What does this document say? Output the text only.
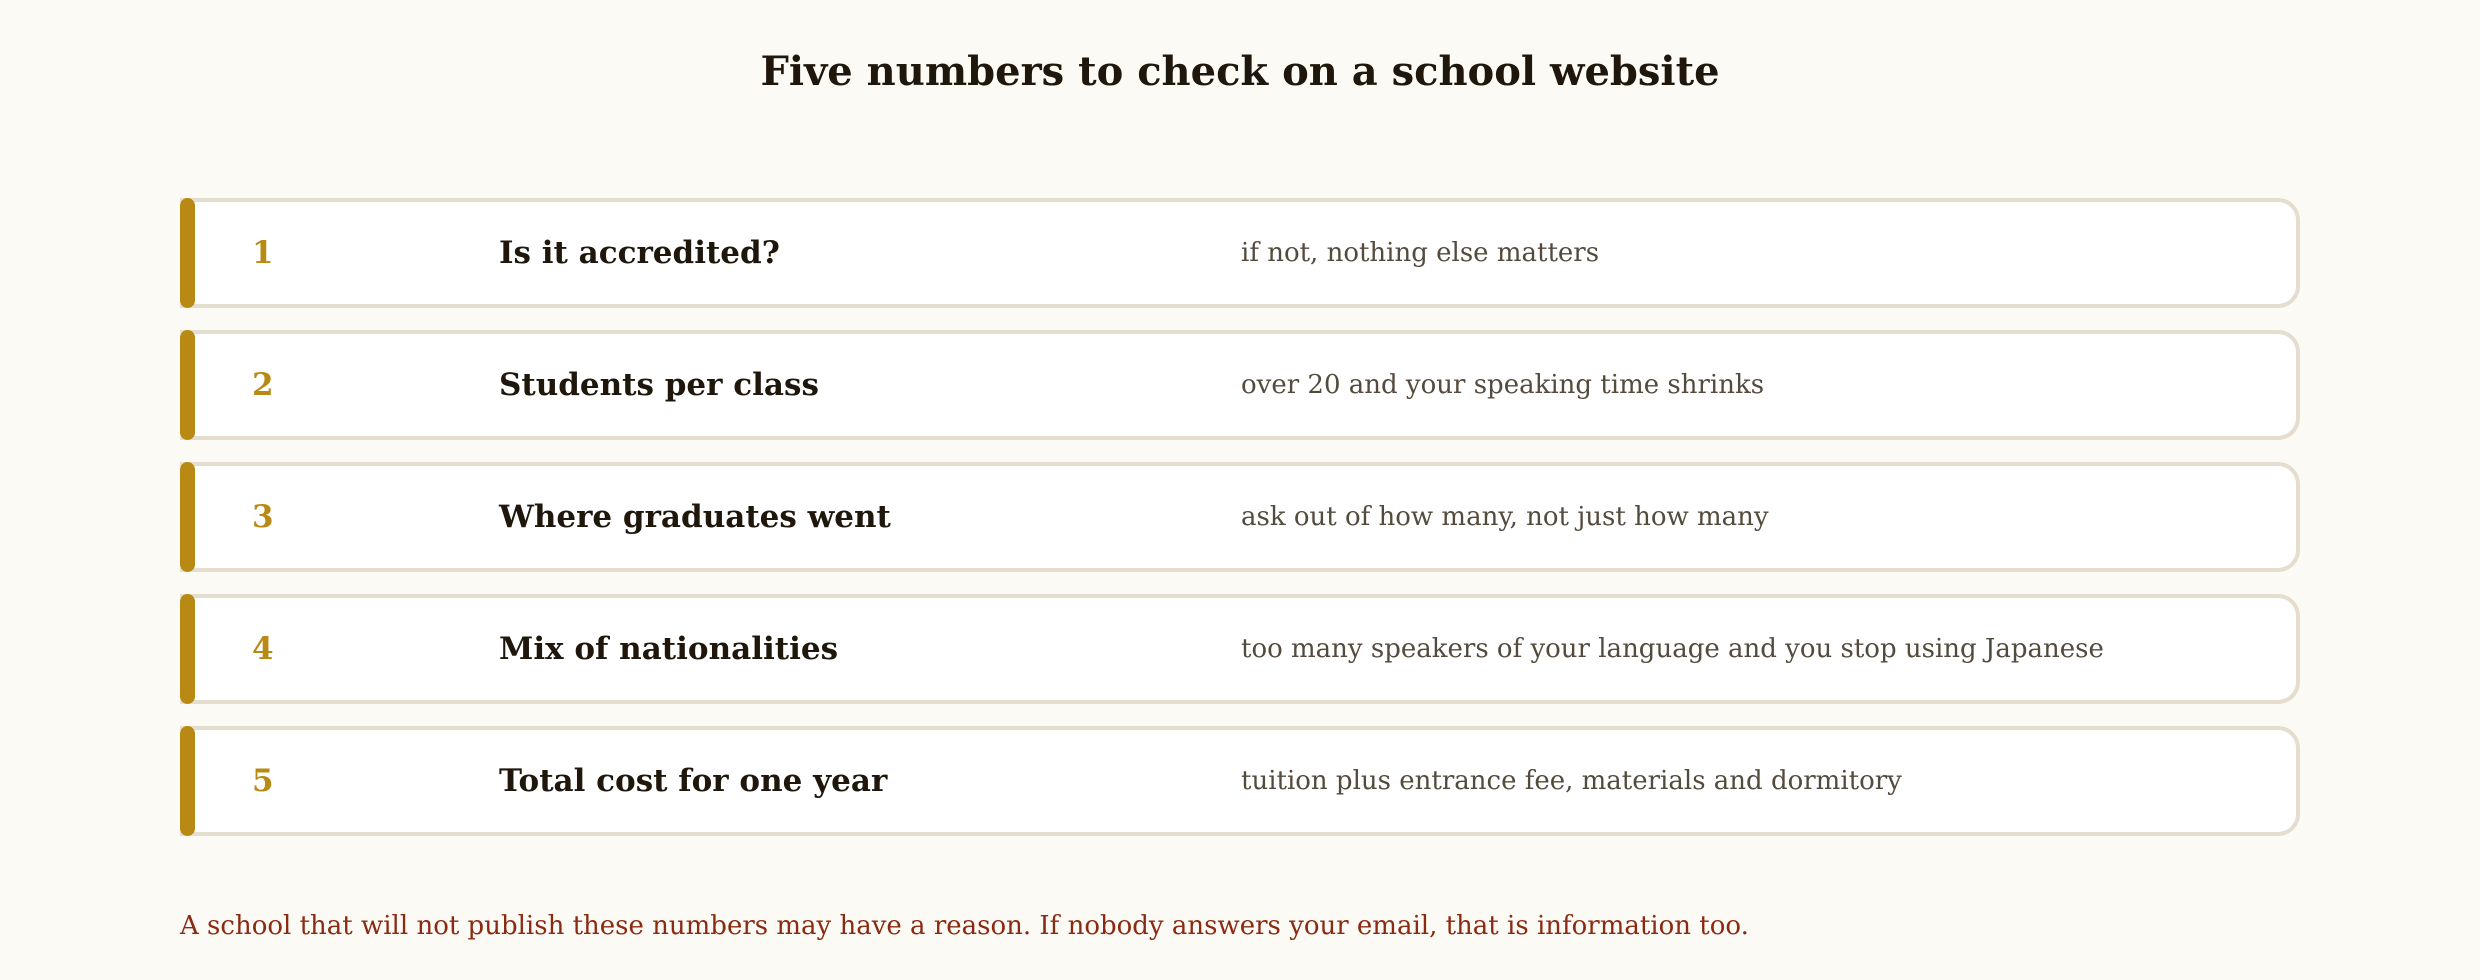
Five numbers to check on a school website
1	Is it accredited?	if not, nothing else matters
2	Students per class	over 20 and your speaking time shrinks
3	Where graduates went	ask out of how many, not just how many
4	Mix of nationalities	too many speakers of your language and you stop using Japanese
5	Total cost for one year	tuition plus entrance fee, materials and dormitory

A school that will not publish these numbers may have a reason. If nobody answers your email, that is information too.
